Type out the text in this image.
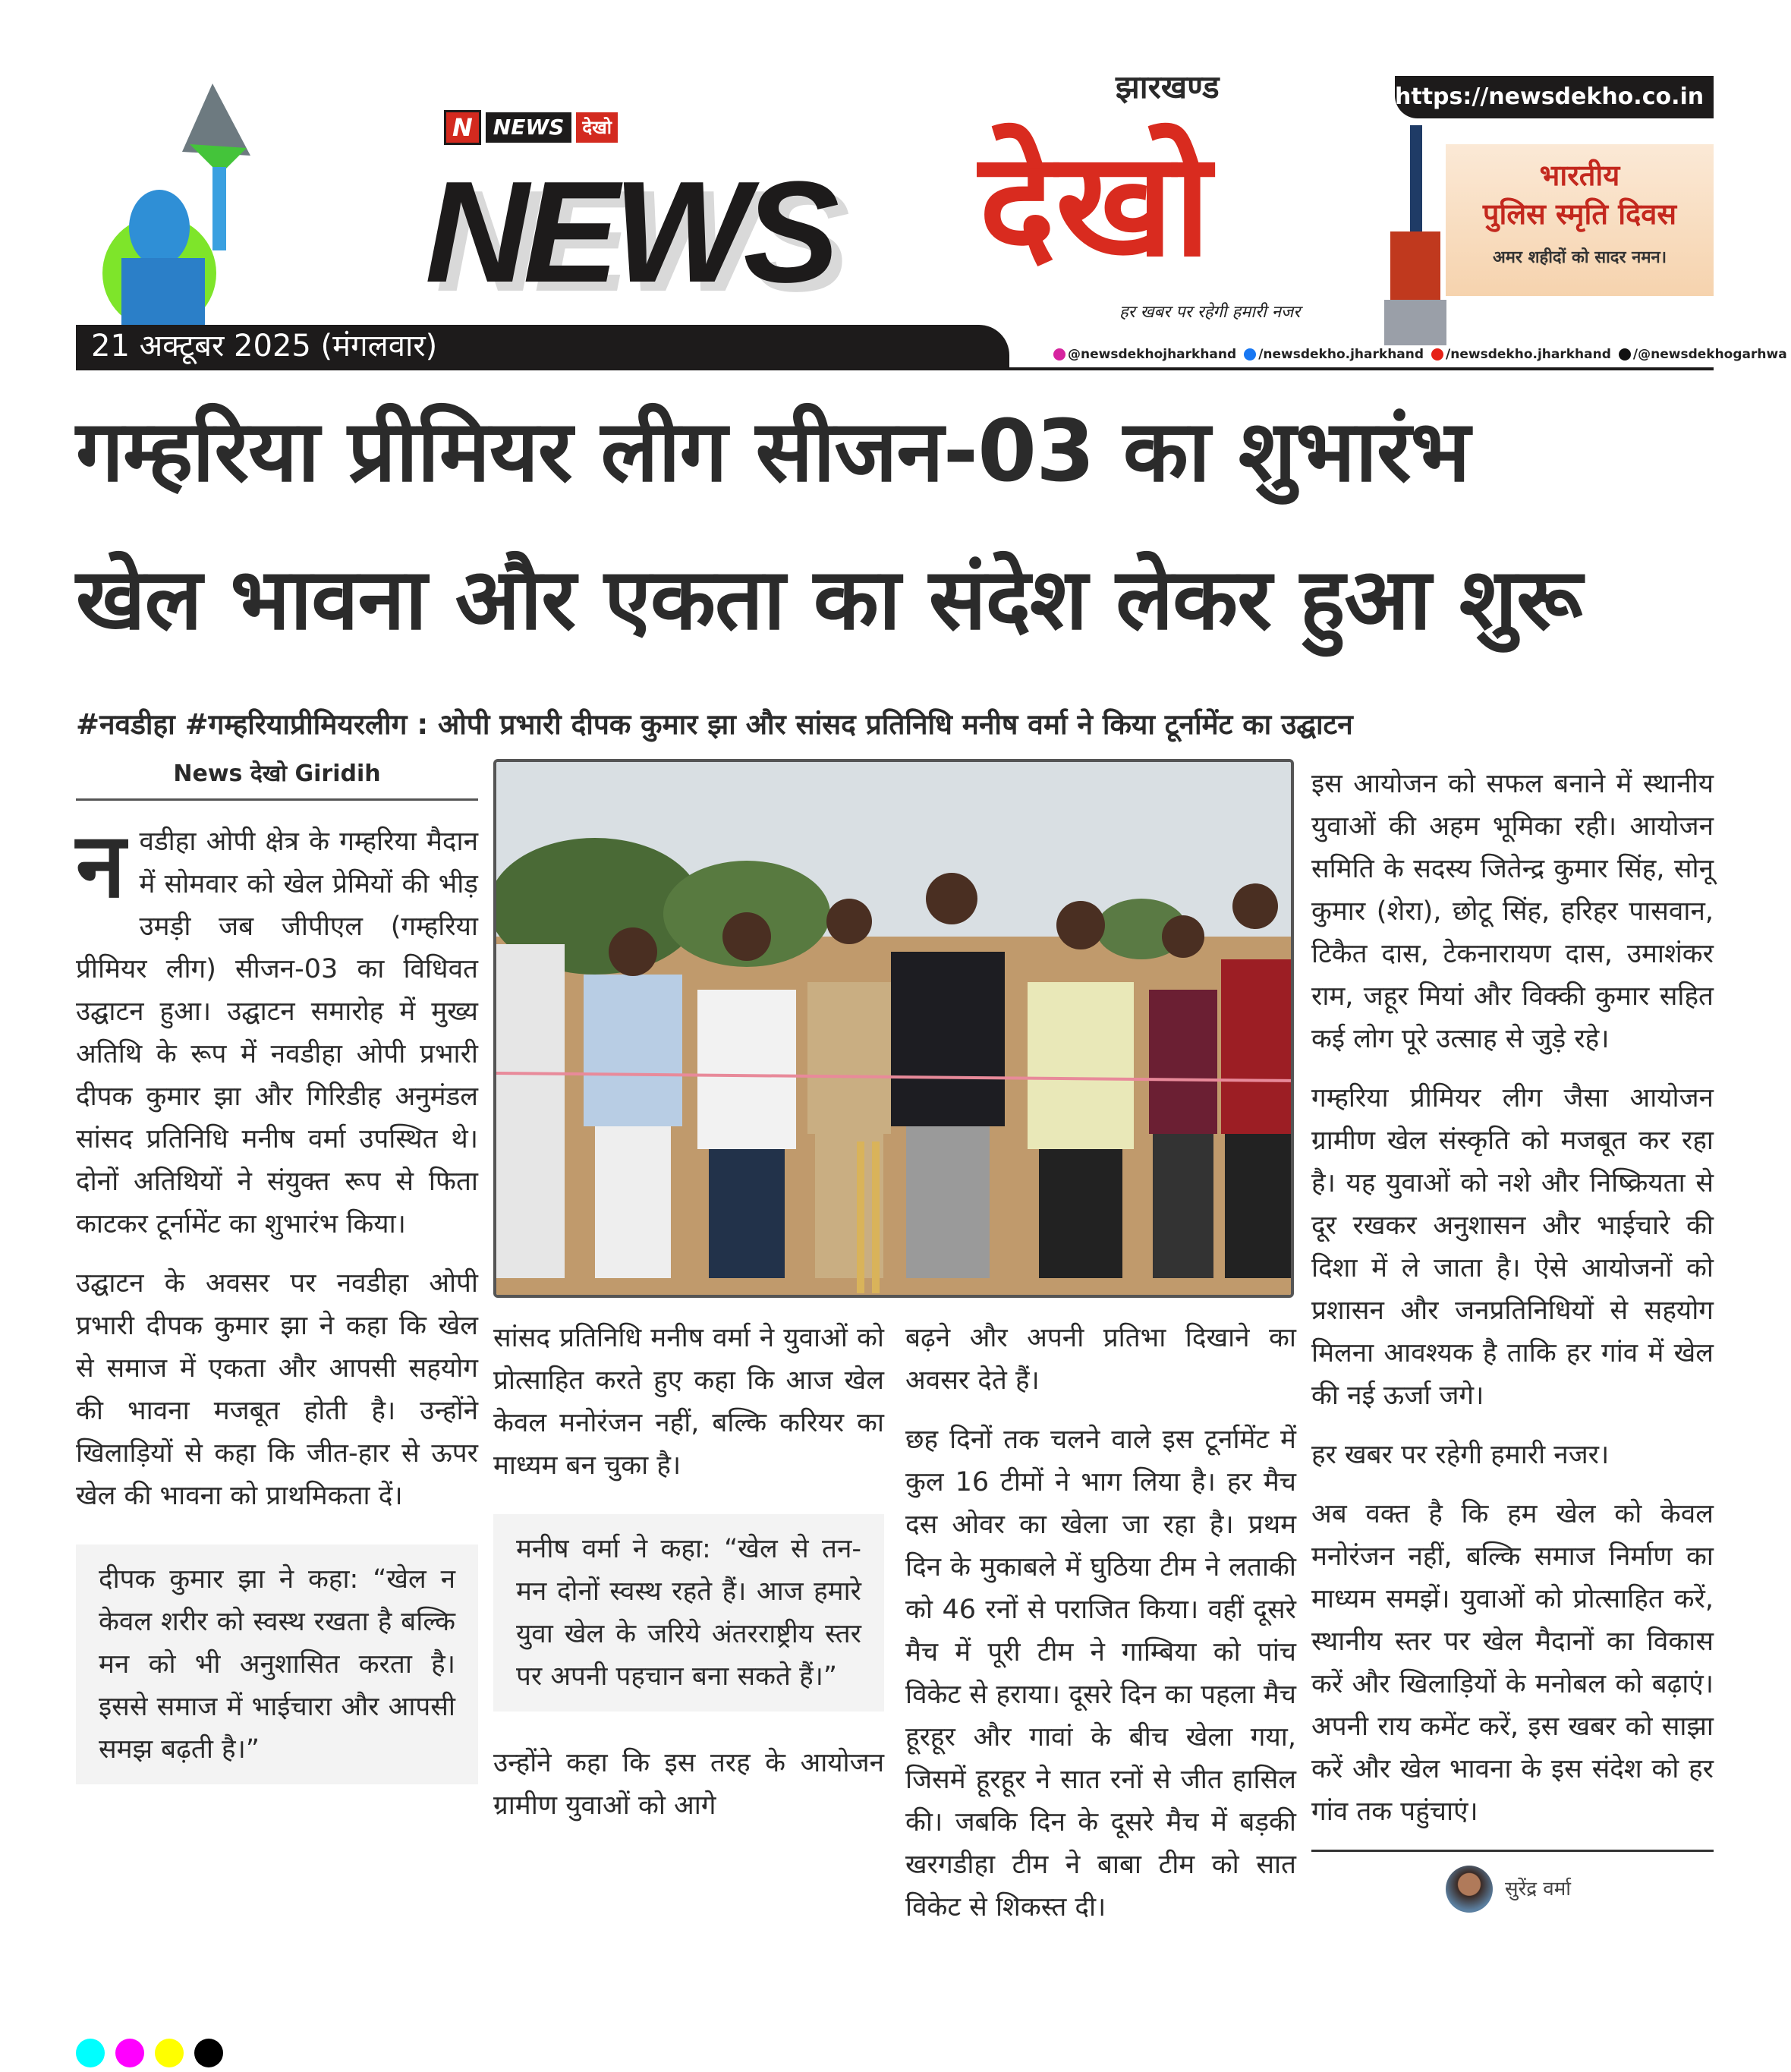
https://newsdekho.co.in
N NEWS	देखो
NEWS देखो
झारखण्ड
हर खबर पर रहेगी हमारी नजर
भारतीय
पुलिस स्मृति दिवस
अमर शहीदों को सादर नमन।
21 अक्टूबर 2025 (मंगलवार)	@newsdekhojharkhand	/newsdekho.jharkhand	/newsdekho.jharkhand	/@newsdekhogarhwa
गम्हरिया प्रीमियर लीग सीजन-03 का शुभारंभ
खेल भावना और एकता का संदेश लेकर हुआ शुरू
#नवडीहा #गम्हरियाप्रीमियरलीग : ओपी प्रभारी दीपक कुमार झा और सांसद प्रतिनिधि मनीष वर्मा ने किया टूर्नामेंट का उद्घाटन
News देखो Giridih

नवडीहा ओपी क्षेत्र के गम्हरिया मैदान में सोमवार को खेल प्रेमियों की भीड़ उमड़ी जब जीपीएल (गम्हरिया प्रीमियर लीग) सीजन-03 का विधिवत उद्घाटन हुआ। उद्घाटन समारोह में मुख्य अतिथि के रूप में नवडीहा ओपी प्रभारी दीपक कुमार झा और गिरिडीह अनुमंडल सांसद प्रतिनिधि मनीष वर्मा उपस्थित थे। दोनों अतिथियों ने संयुक्त रूप से फिता काटकर टूर्नामेंट का शुभारंभ किया।

उद्घाटन के अवसर पर नवडीहा ओपी प्रभारी दीपक कुमार झा ने कहा कि खेल से समाज में एकता और आपसी सहयोग की भावना मजबूत होती है। उन्होंने खिलाड़ियों से कहा कि जीत-हार से ऊपर खेल की भावना को प्राथमिकता दें।

दीपक कुमार झा ने कहा: “खेल न केवल शरीर को स्वस्थ रखता है बल्कि मन को भी अनुशासित करता है। इससे समाज में भाईचारा और आपसी समझ बढ़ती है।”

सांसद प्रतिनिधि मनीष वर्मा ने युवाओं को प्रोत्साहित करते हुए कहा कि आज खेल केवल मनोरंजन नहीं, बल्कि करियर का माध्यम बन चुका है।

मनीष वर्मा ने कहा: “खेल से तन-मन दोनों स्वस्थ रहते हैं। आज हमारे युवा खेल के जरिये अंतरराष्ट्रीय स्तर पर अपनी पहचान बना सकते हैं।”

उन्होंने कहा कि इस तरह के आयोजन ग्रामीण युवाओं को आगे

बढ़ने और अपनी प्रतिभा दिखाने का अवसर देते हैं।

छह दिनों तक चलने वाले इस टूर्नामेंट में कुल 16 टीमों ने भाग लिया है। हर मैच दस ओवर का खेला जा रहा है। प्रथम दिन के मुकाबले में घुठिया टीम ने लताकी को 46 रनों से पराजित किया। वहीं दूसरे मैच में पूरी टीम ने गाम्बिया को पांच विकेट से हराया। दूसरे दिन का पहला मैच हूरहूर और गावां के बीच खेला गया, जिसमें हूरहूर ने सात रनों से जीत हासिल की। जबकि दिन के दूसरे मैच में बड़की खरगडीहा टीम ने बाबा टीम को सात विकेट से शिकस्त दी।

इस आयोजन को सफल बनाने में स्थानीय युवाओं की अहम भूमिका रही। आयोजन समिति के सदस्य जितेन्द्र कुमार सिंह, सोनू कुमार (शेरा), छोटू सिंह, हरिहर पासवान, टिकैत दास, टेकनारायण दास, उमाशंकर राम, जहूर मियां और विक्की कुमार सहित कई लोग पूरे उत्साह से जुड़े रहे।

गम्हरिया प्रीमियर लीग जैसा आयोजन ग्रामीण खेल संस्कृति को मजबूत कर रहा है। यह युवाओं को नशे और निष्क्रियता से दूर रखकर अनुशासन और भाईचारे की दिशा में ले जाता है। ऐसे आयोजनों को प्रशासन और जनप्रतिनिधियों से सहयोग मिलना आवश्यक है ताकि हर गांव में खेल की नई ऊर्जा जगे।

हर खबर पर रहेगी हमारी नजर।

अब वक्त है कि हम खेल को केवल मनोरंजन नहीं, बल्कि समाज निर्माण का माध्यम समझें। युवाओं को प्रोत्साहित करें, स्थानीय स्तर पर खेल मैदानों का विकास करें और खिलाड़ियों के मनोबल को बढ़ाएं। अपनी राय कमेंट करें, इस खबर को साझा करें और खेल भावना के इस संदेश को हर गांव तक पहुंचाएं।

सुरेंद्र वर्मा
